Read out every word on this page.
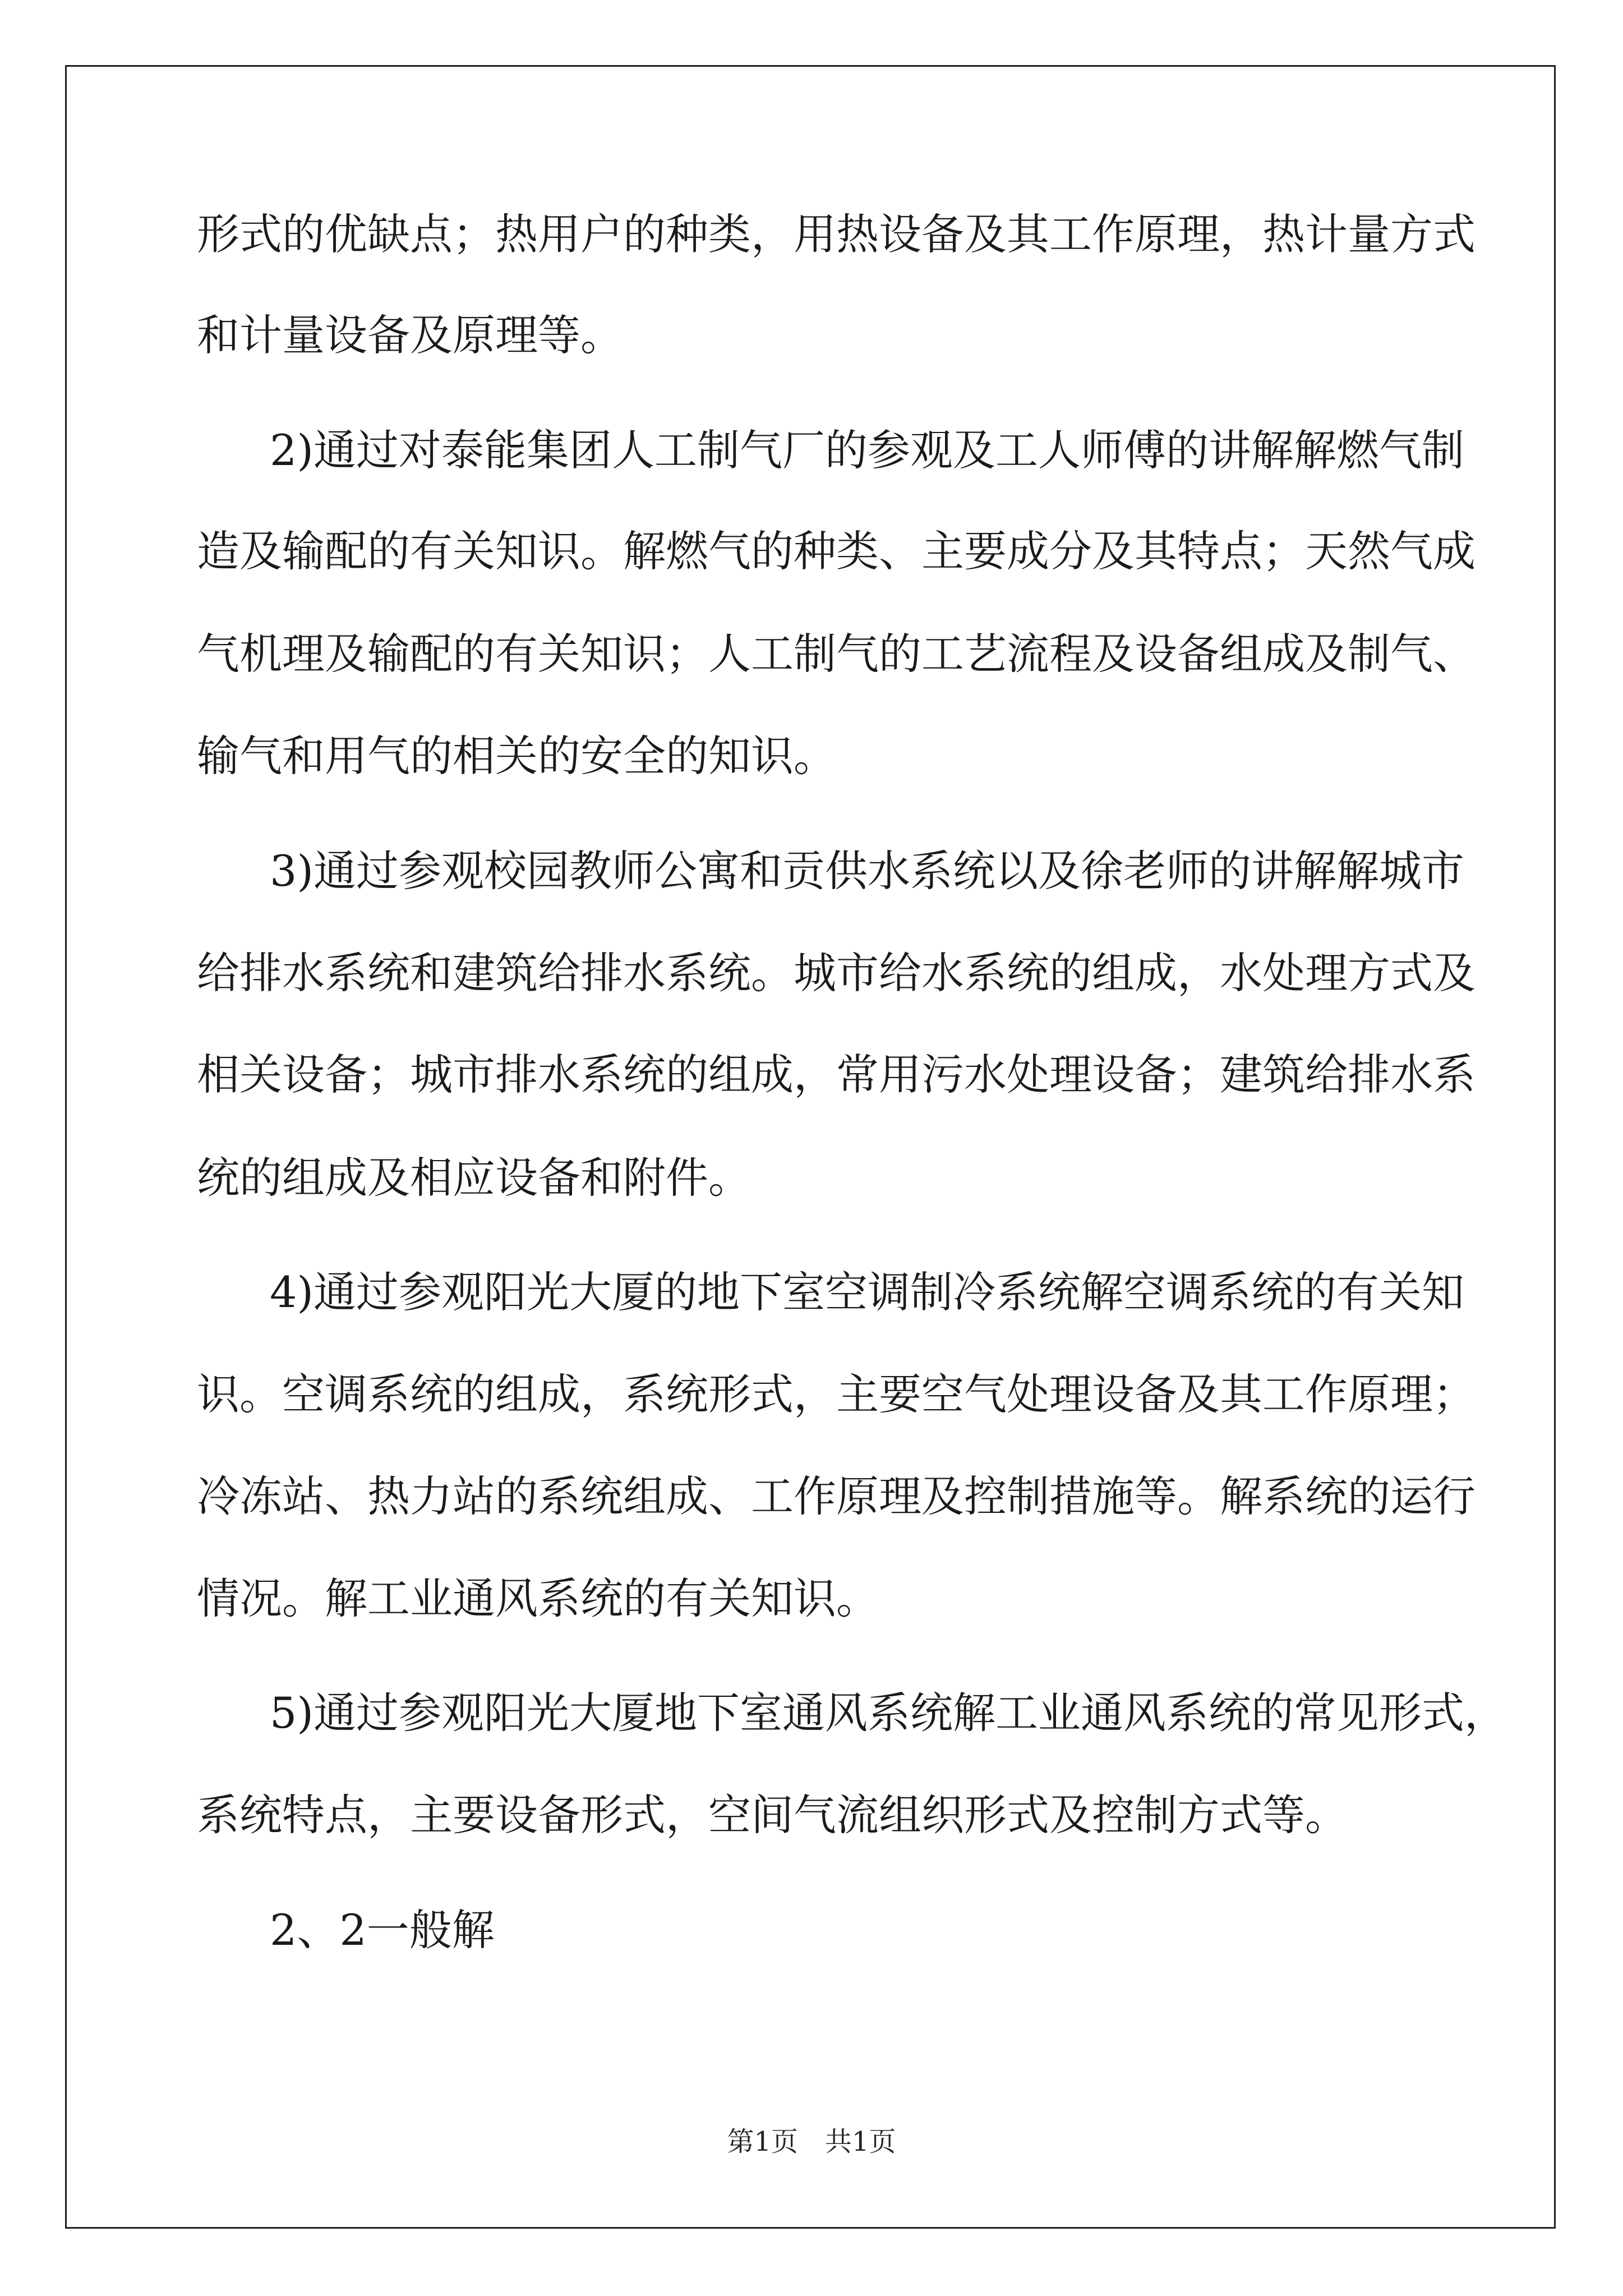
形式的优缺点；热用户的种类，用热设备及其工作原理，热计量方式
和计量设备及原理等。
2)通过对泰能集团人工制气厂的参观及工人师傅的讲解解燃气制
造及输配的有关知识。解燃气的种类、主要成分及其特点；天然气成
气机理及输配的有关知识；人工制气的工艺流程及设备组成及制气、
输气和用气的相关的安全的知识。
3)通过参观校园教师公寓和贡供水系统以及徐老师的讲解解城市
给排水系统和建筑给排水系统。城市给水系统的组成，水处理方式及
相关设备；城市排水系统的组成，常用污水处理设备；建筑给排水系
统的组成及相应设备和附件。
4)通过参观阳光大厦的地下室空调制冷系统解空调系统的有关知
识。空调系统的组成，系统形式，主要空气处理设备及其工作原理；
冷冻站、热力站的系统组成、工作原理及控制措施等。解系统的运行
情况。解工业通风系统的有关知识。
5)通过参观阳光大厦地下室通风系统解工业通风系统的常见形式，
系统特点，主要设备形式，空间气流组织形式及控制方式等。
2、2一般解
第1页　共1页
